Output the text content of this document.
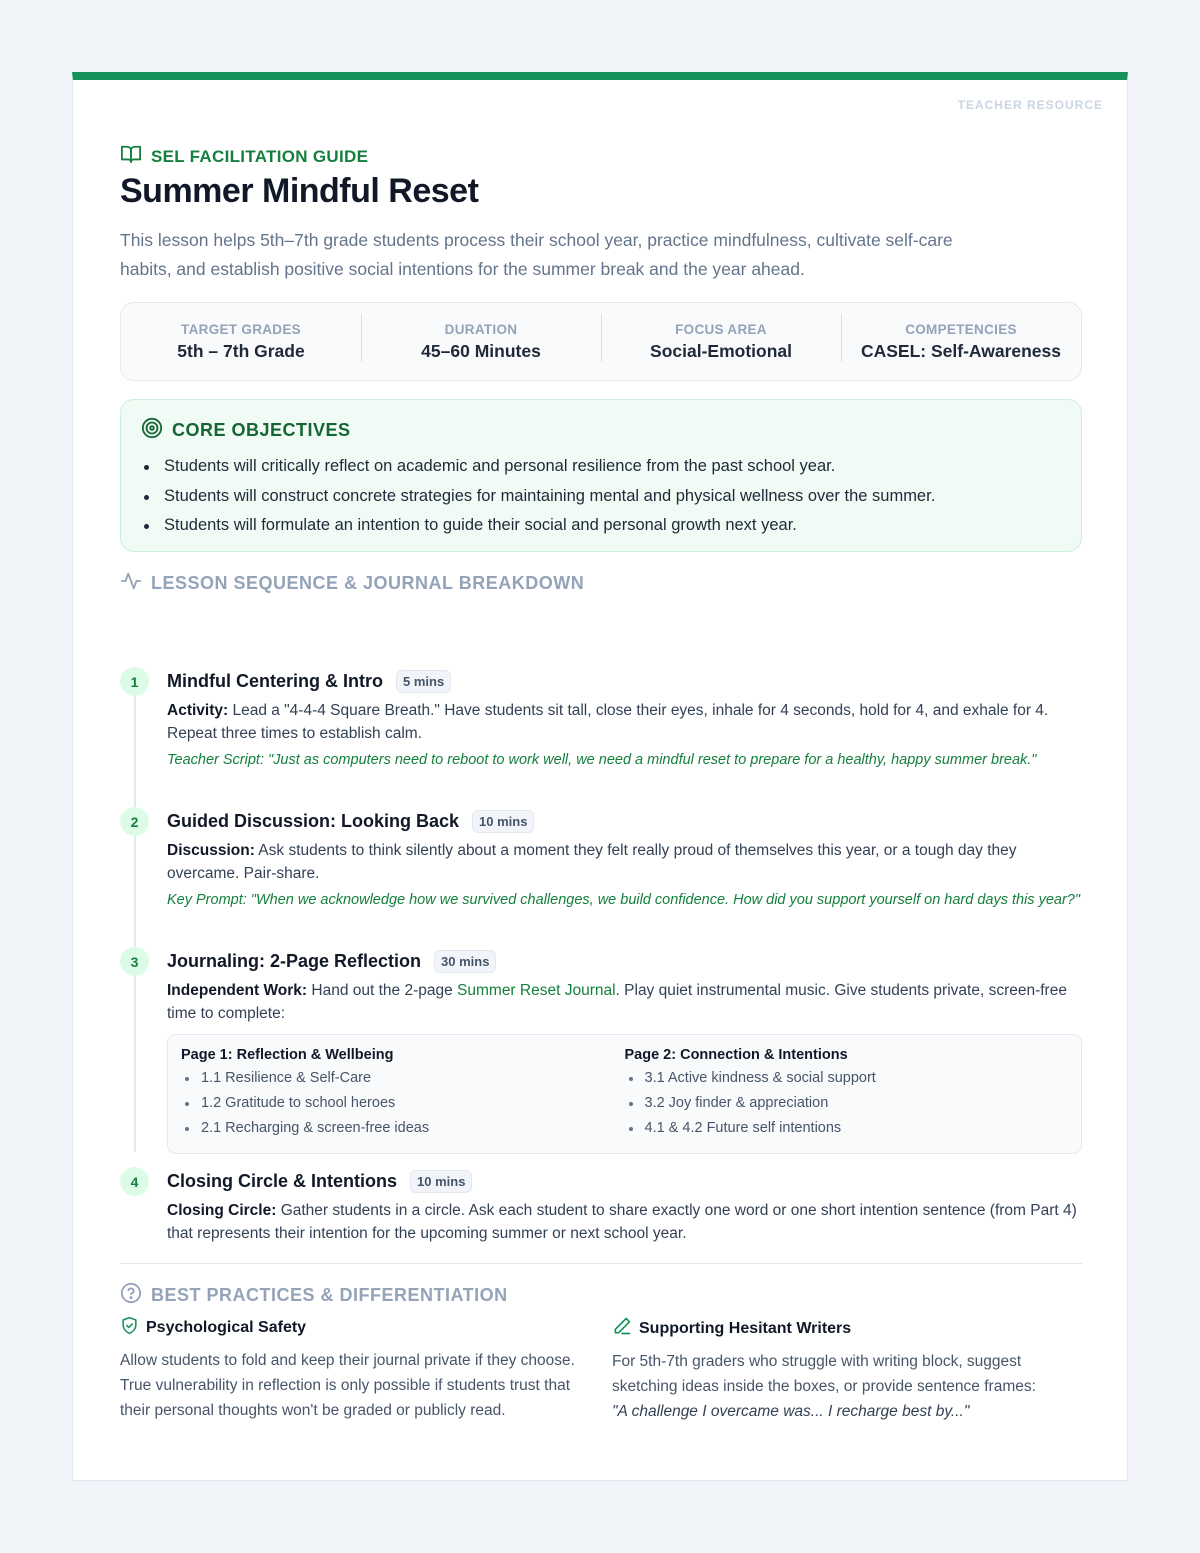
TEACHER RESOURCE
SEL FACILITATION GUIDE
Summer Mindful Reset

This lesson helps 5th–7th grade students process their school year, practice mindfulness, cultivate self-care habits, and establish positive social intentions for the summer break and the year ahead.

TARGET GRADES
5th – 7th Grade
DURATION
45–60 Minutes
FOCUS AREA
Social-Emotional
COMPETENCIES
CASEL: Self-Awareness
CORE OBJECTIVES
Students will critically reflect on academic and personal resilience from the past school year.
Students will construct concrete strategies for maintaining mental and physical wellness over the summer.
Students will formulate an intention to guide their social and personal growth next year.
LESSON SEQUENCE & JOURNAL BREAKDOWN
1	Mindful Centering & Intro	5 mins

Activity: Lead a "4-4-4 Square Breath." Have students sit tall, close their eyes, inhale for 4 seconds, hold for 4, and exhale for 4. Repeat three times to establish calm.

Teacher Script: "Just as computers need to reboot to work well, we need a mindful reset to prepare for a healthy, happy summer break."

2	Guided Discussion: Looking Back	10 mins

Discussion: Ask students to think silently about a moment they felt really proud of themselves this year, or a tough day they overcame. Pair-share.

Key Prompt: "When we acknowledge how we survived challenges, we build confidence. How did you support yourself on hard days this year?"

3	Journaling: 2-Page Reflection	30 mins

Independent Work: Hand out the 2-page Summer Reset Journal. Play quiet instrumental music. Give students private, screen-free time to complete:

Page 1: Reflection & Wellbeing
1.1 Resilience & Self-Care
1.2 Gratitude to school heroes
2.1 Recharging & screen-free ideas
Page 2: Connection & Intentions
3.1 Active kindness & social support
3.2 Joy finder & appreciation
4.1 & 4.2 Future self intentions
4	Closing Circle & Intentions	10 mins

Closing Circle: Gather students in a circle. Ask each student to share exactly one word or one short intention sentence (from Part 4) that represents their intention for the upcoming summer or next school year.

BEST PRACTICES & DIFFERENTIATION
Psychological Safety

Allow students to fold and keep their journal private if they choose. True vulnerability in reflection is only possible if students trust that their personal thoughts won't be graded or publicly read.

Supporting Hesitant Writers

For 5th-7th graders who struggle with writing block, suggest sketching ideas inside the boxes, or provide sentence frames:
"A challenge I overcame was... I recharge best by..."
